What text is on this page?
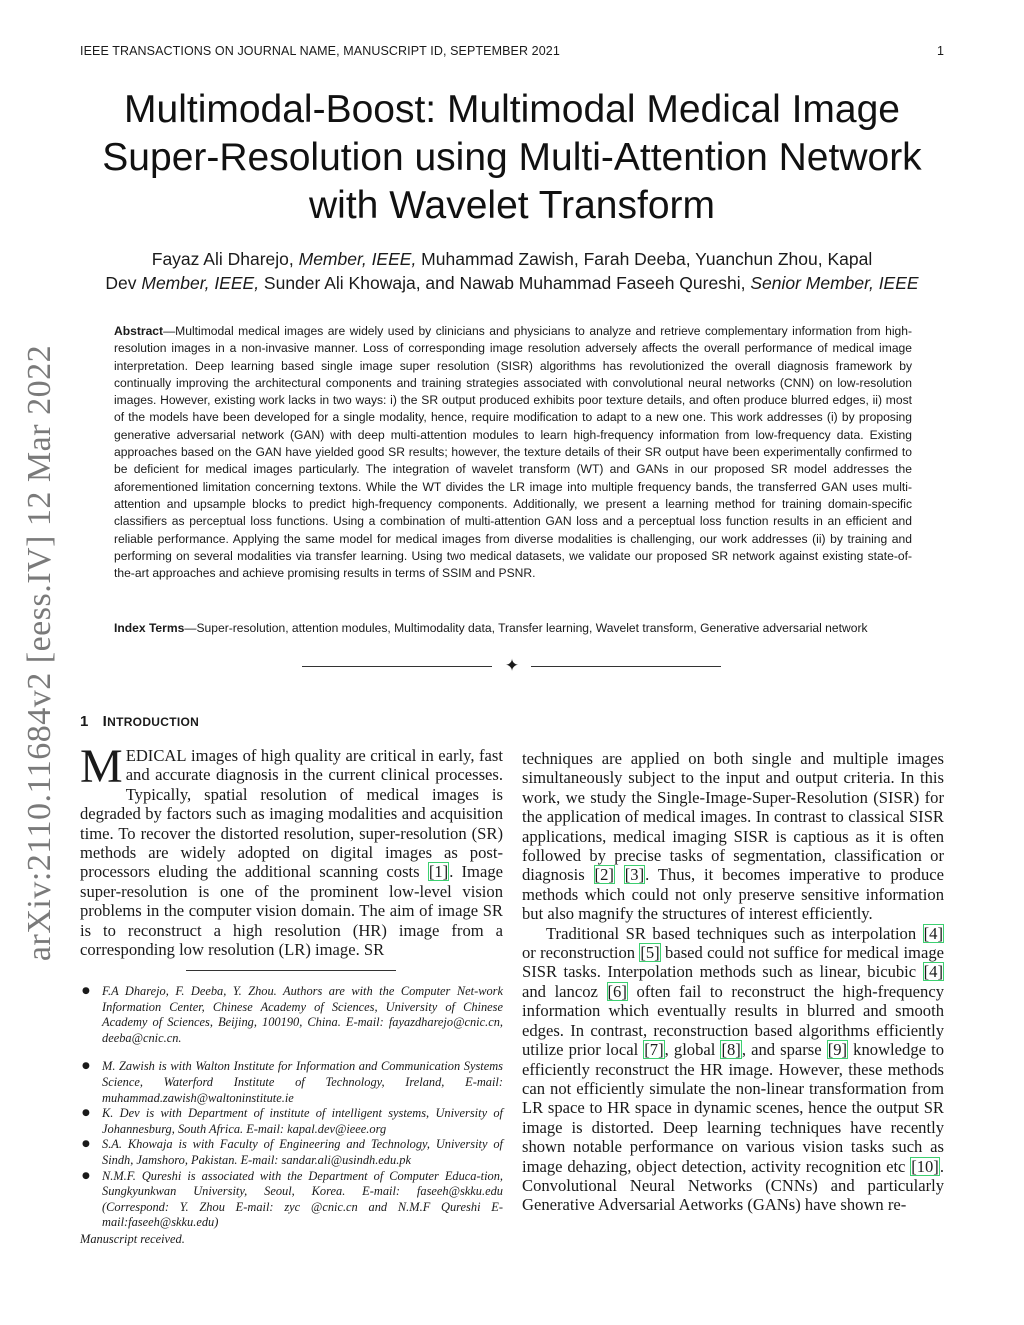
IEEE TRANSACTIONS ON JOURNAL NAME, MANUSCRIPT ID, SEPTEMBER 2021	1
arXiv:2110.11684v2 [eess.IV] 12 Mar 2022
Multimodal-Boost: Multimodal Medical Image
Super-Resolution using Multi-Attention Network
with Wavelet Transform
Fayaz Ali Dharejo, Member, IEEE, Muhammad Zawish, Farah Deeba, Yuanchun Zhou, Kapal
Dev Member, IEEE, Sunder Ali Khowaja, and Nawab Muhammad Faseeh Qureshi, Senior Member, IEEE

Abstract—Multimodal medical images are widely used by clinicians and physicians to analyze and retrieve complementary information from high-resolution images in a non-invasive manner. Loss of corresponding image resolution adversely affects the overall performance of medical image interpretation. Deep learning based single image super resolution (SISR) algorithms has revolutionized the overall diagnosis framework by continually improving the architectural components and training strategies associated with convolutional neural networks (CNN) on low-resolution images. However, existing work lacks in two ways: i) the SR output produced exhibits poor texture details, and often produce blurred edges, ii) most of the models have been developed for a single modality, hence, require modification to adapt to a new one. This work addresses (i) by proposing generative adversarial network (GAN) with deep multi-attention modules to learn high-frequency information from low-frequency data. Existing approaches based on the GAN have yielded good SR results; however, the texture details of their SR output have been experimentally confirmed to be deficient for medical images particularly. The integration of wavelet transform (WT) and GANs in our proposed SR model addresses the aforementioned limitation concerning textons. While the WT divides the LR image into multiple frequency bands, the transferred GAN uses multi-attention and upsample blocks to predict high-frequency components. Additionally, we present a learning method for training domain-specific classifiers as perceptual loss functions. Using a combination of multi-attention GAN loss and a perceptual loss function results in an efficient and reliable performance. Applying the same model for medical images from diverse modalities is challenging, our work addresses (ii) by training and performing on several modalities via transfer learning. Using two medical datasets, we validate our proposed SR network against existing state-of-the-art approaches and achieve promising results in terms of SSIM and PSNR.

Index Terms—Super-resolution, attention modules, Multimodality data, Transfer learning, Wavelet transform, Generative adversarial network
✦
1 INTRODUCTION

MEDICAL images of high quality are critical in early, fast and accurate diagnosis in the current clinical processes. Typically, spatial resolution of medical images is degraded by factors such as imaging modalities and acquisition time. To recover the distorted resolution, super-resolution (SR) methods are widely adopted on digital images as post-processors eluding the additional scanning costs [1]. Image super-resolution is one of the prominent low-level vision problems in the computer vision domain. The aim of image SR is to reconstruct a high resolution (HR) image from a corresponding low resolution (LR) image. SR

techniques are applied on both single and multiple images simultaneously subject to the input and output criteria. In this work, we study the Single-Image-Super-Resolution (SISR) for the application of medical images. In contrast to classical SISR applications, medical imaging SISR is captious as it is often followed by precise tasks of segmentation, classification or diagnosis [2] [3]. Thus, it becomes imperative to produce methods which could not only preserve sensitive information but also magnify the structures of interest efficiently.

Traditional SR based techniques such as interpolation [4] or reconstruction [5] based could not suffice for medical image SISR tasks. Interpolation methods such as linear, bicubic [4] and lancoz [6] often fail to reconstruct the high-frequency information which eventually results in blurred and smooth edges. In contrast, reconstruction based algorithms efficiently utilize prior local [7], global [8], and sparse [9] knowledge to efficiently reconstruct the HR image. However, these methods can not efficiently simulate the non-linear transformation from LR space to HR space in dynamic scenes, hence the output SR image is distorted. Deep learning techniques have recently shown notable performance on various vision tasks such as image dehazing, object detection, activity recognition etc [10]. Convolutional Neural Networks (CNNs) and particularly Generative Adversarial Aetworks (GANs) have shown re-

● F.A Dharejo, F. Deeba, Y. Zhou. Authors are with the Computer Net-work Information Center, Chinese Academy of Sciences, University of Chinese Academy of Sciences, Beijing, 100190, China. E-mail: fayazdharejo@cnic.cn, deeba@cnic.cn.
● M. Zawish is with Walton Institute for Information and Communication Systems Science, Waterford Institute of Technology, Ireland, E-mail: muhammad.zawish@waltoninstitute.ie
● K. Dev is with Department of institute of intelligent systems, University of Johannesburg, South Africa. E-mail: kapal.dev@ieee.org
● S.A. Khowaja is with Faculty of Engineering and Technology, University of Sindh, Jamshoro, Pakistan. E-mail: sandar.ali@usindh.edu.pk
● N.M.F. Qureshi is associated with the Department of Computer Educa-tion, Sungkyunkwan University, Seoul, Korea. E-mail: faseeh@skku.edu (Correspond: Y. Zhou E-mail: zyc @cnic.cn and N.M.F Qureshi E-mail:faseeh@skku.edu)
Manuscript received.
